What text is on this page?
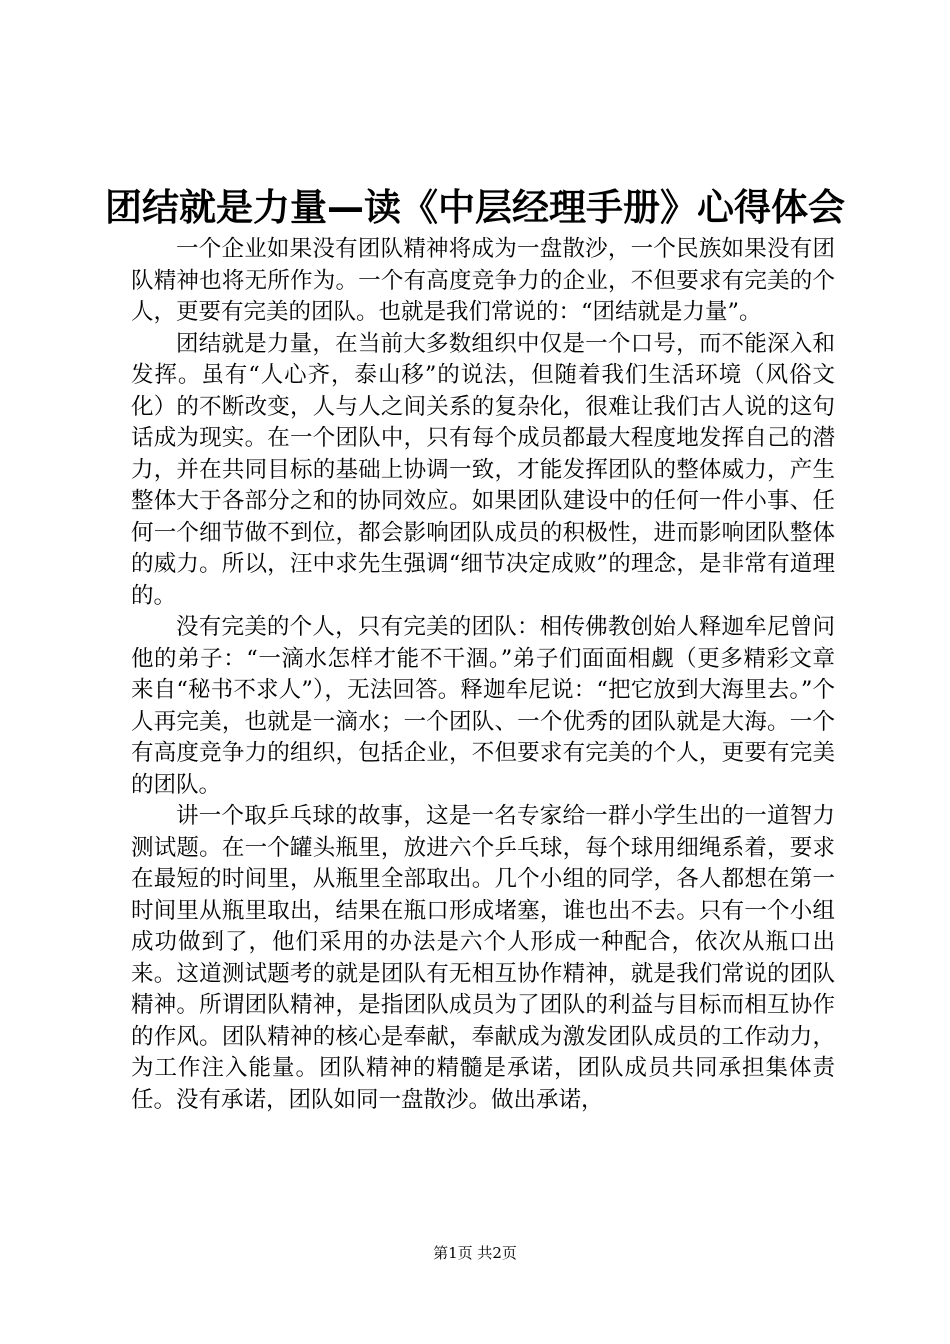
团结就是力量—读《中层经理手册》心得体会

一个企业如果没有团队精神将成为一盘散沙，一个民族如果没有团队精神也将无所作为。一个有高度竞争力的企业，不但要求有完美的个人，更要有完美的团队。也就是我们常说的：“团结就是力量”。

团结就是力量，在当前大多数组织中仅是一个口号，而不能深入和发挥。虽有“人心齐，泰山移”的说法，但随着我们生活环境（风俗文化）的不断改变，人与人之间关系的复杂化，很难让我们古人说的这句话成为现实。在一个团队中，只有每个成员都最大程度地发挥自己的潜力，并在共同目标的基础上协调一致，才能发挥团队的整体威力，产生整体大于各部分之和的协同效应。如果团队建设中的任何一件小事、任何一个细节做不到位，都会影响团队成员的积极性，进而影响团队整体的威力。所以，汪中求先生强调“细节决定成败”的理念，是非常有道理的。

没有完美的个人，只有完美的团队：相传佛教创始人释迦牟尼曾问他的弟子：“一滴水怎样才能不干涸。”弟子们面面相觑（更多精彩文章来自“秘书不求人”），无法回答。释迦牟尼说：“把它放到大海里去。”个人再完美，也就是一滴水；一个团队、一个优秀的团队就是大海。一个有高度竞争力的组织，包括企业，不但要求有完美的个人，更要有完美的团队。

讲一个取乒乓球的故事，这是一名专家给一群小学生出的一道智力测试题。在一个罐头瓶里，放进六个乒乓球，每个球用细绳系着，要求在最短的时间里，从瓶里全部取出。几个小组的同学，各人都想在第一时间里从瓶里取出，结果在瓶口形成堵塞，谁也出不去。只有一个小组成功做到了，他们采用的办法是六个人形成一种配合，依次从瓶口出来。这道测试题考的就是团队有无相互协作精神，就是我们常说的团队精神。所谓团队精神，是指团队成员为了团队的利益与目标而相互协作的作风。团队精神的核心是奉献，奉献成为激发团队成员的工作动力，为工作注入能量。团队精神的精髓是承诺，团队成员共同承担集体责任。没有承诺，团队如同一盘散沙。做出承诺，

第1页 共2页
